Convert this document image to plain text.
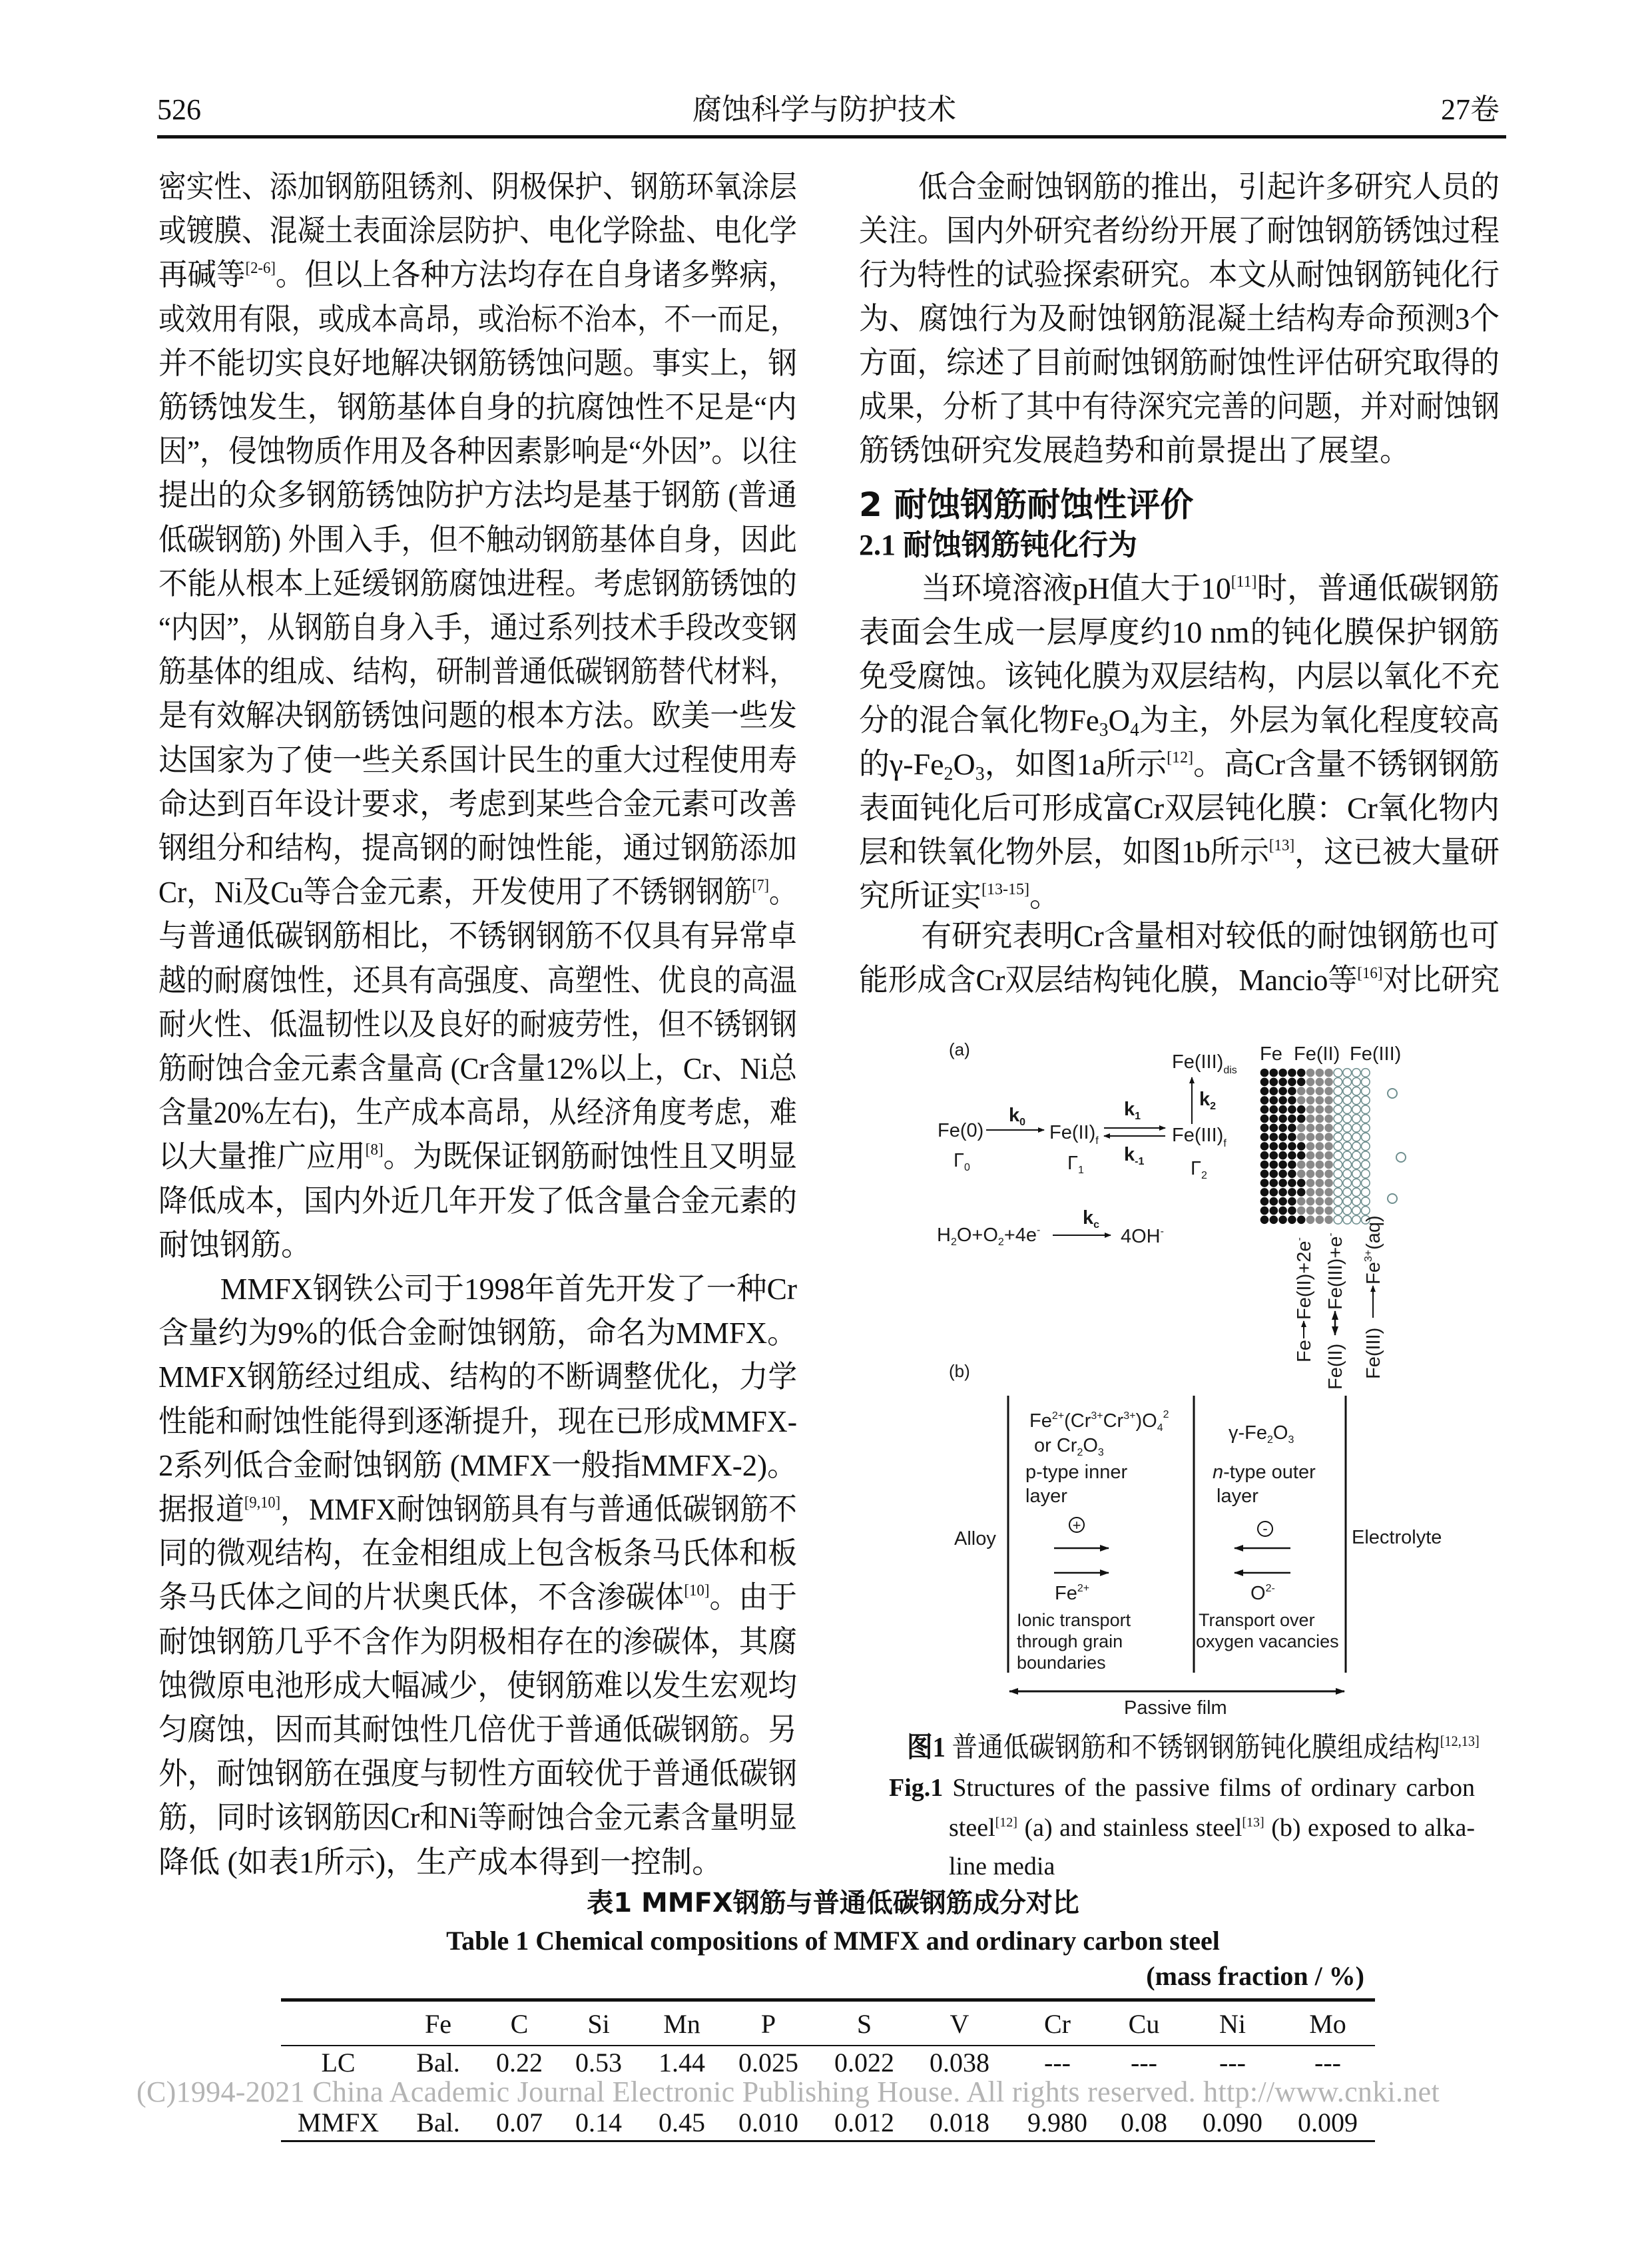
526	腐蚀科学与防护技术	27卷
密实性、添加钢筋阻锈剂、阴极保护、钢筋环氧涂层
或镀膜、混凝土表面涂层防护、电化学除盐、电化学
再碱等[2-6]。但以上各种方法均存在自身诸多弊病，
或效用有限，或成本高昂，或治标不治本，不一而足，
并不能切实良好地解决钢筋锈蚀问题。事实上，钢
筋锈蚀发生，钢筋基体自身的抗腐蚀性不足是“内
因”，侵蚀物质作用及各种因素影响是“外因”。以往
提出的众多钢筋锈蚀防护方法均是基于钢筋 (普通
低碳钢筋) 外围入手，但不触动钢筋基体自身，因此
不能从根本上延缓钢筋腐蚀进程。考虑钢筋锈蚀的
“内因”，从钢筋自身入手，通过系列技术手段改变钢
筋基体的组成、结构，研制普通低碳钢筋替代材料，
是有效解决钢筋锈蚀问题的根本方法。欧美一些发
达国家为了使一些关系国计民生的重大过程使用寿
命达到百年设计要求，考虑到某些合金元素可改善
钢组分和结构，提高钢的耐蚀性能，通过钢筋添加
Cr，Ni及Cu等合金元素，开发使用了不锈钢钢筋[7]。
与普通低碳钢筋相比，不锈钢钢筋不仅具有异常卓
越的耐腐蚀性，还具有高强度、高塑性、优良的高温
耐火性、低温韧性以及良好的耐疲劳性，但不锈钢钢
筋耐蚀合金元素含量高 (Cr含量12%以上，Cr、Ni总
含量20%左右)，生产成本高昂，从经济角度考虑，难
以大量推广应用[8]。为既保证钢筋耐蚀性且又明显
降低成本，国内外近几年开发了低含量合金元素的
耐蚀钢筋。
MMFX钢铁公司于1998年首先开发了一种Cr
含量约为9%的低合金耐蚀钢筋，命名为MMFX。
MMFX钢筋经过组成、结构的不断调整优化，力学
性能和耐蚀性能得到逐渐提升，现在已形成MMFX-
2系列低合金耐蚀钢筋 (MMFX一般指MMFX-2)。
据报道[9,10]，MMFX耐蚀钢筋具有与普通低碳钢筋不
同的微观结构，在金相组成上包含板条马氏体和板
条马氏体之间的片状奥氏体，不含渗碳体[10]。由于
耐蚀钢筋几乎不含作为阴极相存在的渗碳体，其腐
蚀微原电池形成大幅减少，使钢筋难以发生宏观均
匀腐蚀，因而其耐蚀性几倍优于普通低碳钢筋。另
外，耐蚀钢筋在强度与韧性方面较优于普通低碳钢
筋，同时该钢筋因Cr和Ni等耐蚀合金元素含量明显
降低 (如表1所示)，生产成本得到一控制。
低合金耐蚀钢筋的推出，引起许多研究人员的
关注。国内外研究者纷纷开展了耐蚀钢筋锈蚀过程
行为特性的试验探索研究。本文从耐蚀钢筋钝化行
为、腐蚀行为及耐蚀钢筋混凝土结构寿命预测3个
方面，综述了目前耐蚀钢筋耐蚀性评估研究取得的
成果，分析了其中有待深究完善的问题，并对耐蚀钢
筋锈蚀研究发展趋势和前景提出了展望。
当环境溶液pH值大于10[11]时，普通低碳钢筋
表面会生成一层厚度约10 nm的钝化膜保护钢筋
免受腐蚀。该钝化膜为双层结构，内层以氧化不充
分的混合氧化物$Fe_3O_4$为主，外层为氧化程度较高
的$\gamma-Fe_2O_3$，如图1a所示[12]。高Cr含量不锈钢钢筋
表面钝化后可形成富Cr双层钝化膜：Cr氧化物内
层和铁氧化物外层，如图1b所示[13]，这已被大量研
究所证实[13-15]。
有研究表明Cr含量相对较低的耐蚀钢筋也可
能形成含Cr双层结构钝化膜，Mancio等[16]对比研究
2 耐蚀钢筋耐蚀性评价
2.1 耐蚀钢筋钝化行为
(a)
Fe(0)
$\Gamma_0$
$k_0$ $Fe(II)_f$
$\Gamma_1$
$k_1$
$k_{-1}$
$Fe(III)_f$
$\Gamma_2$
$k_2$
$Fe(III)_{dis}$
$H_2O+O_2+4e^-$
$k_c$
4OH-
Fe Fe(II) Fe(III)
Fe
Fe(II)+2e-
Fe(II)
Fe(III)+e-
Fe(III)
$Fe^{3+}(aq)$
(b)
$Fe^{2+}(Cr^{3+}Cr^{3+})O_4^2$
or $Cr_2O_3$
p-type inner
layer
$\gamma-Fe_2O_3$
n-type outer
layer
Alloy	Electrolyte
+	-
$Fe^{2+}$	$O^{2-}$
Ionic transport
through grain
boundaries
Transport over
oxygen vacancies
Passive film
图1 普通低碳钢筋和不锈钢钢筋钝化膜组成结构[12,13]
Fig.1 Structures of the passive films of ordinary carbon
steel[12] (a) and stainless steel[13] (b) exposed to alka-
line media
表1 MMFX钢筋与普通低碳钢筋成分对比
Table 1 Chemical compositions of MMFX and ordinary carbon steel
(mass fraction / %)
Fe C Si Mn P	S	V	Cr Cu Ni Mo
LC Bal. 0.22 0.53 1.44 0.025 0.022 0.038 --- --- ---	---
MMFX Bal. 0.07 0.14 0.45 0.010 0.012 0.018 9.980 0.08 0.090 0.009
(C)1994-2021 China Academic Journal Electronic Publishing House. All rights reserved. http://www.cnki.net
